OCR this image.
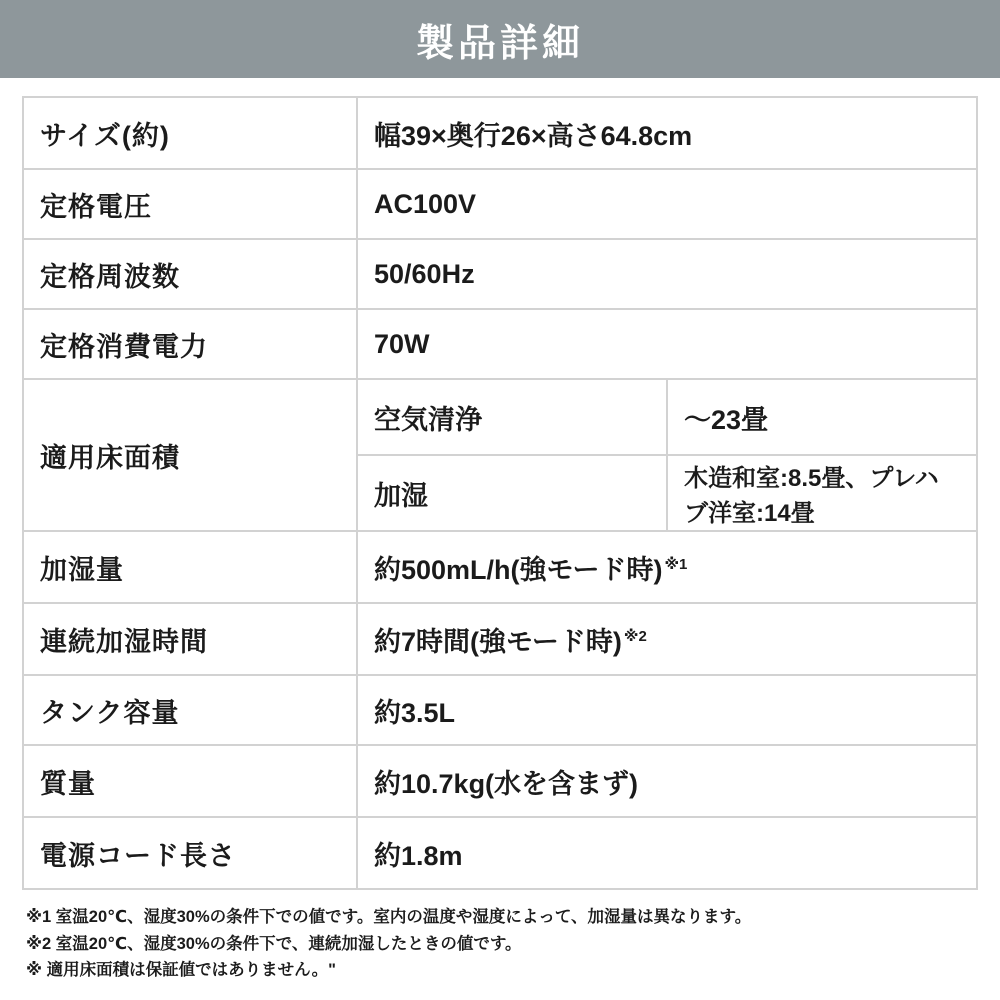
製品詳細
サイズ(約)	幅39×奥行26×高さ64.8cm	
定格電圧	AC100V	
定格周波数	50/60Hz	
定格消費電力	70W	
適用床面積	空気清浄	〜23畳
	加湿	木造和室:8.5畳、プレハブ洋室:14畳
加湿量	約500mL/h(強モード時) $^{※1}$
連続加湿時間	約7時間(強モード時) $^{※2}$
タンク容量	約3.5L	
質量	約10.7kg(水を含まず)	
電源コード長さ	約1.8m	
※1 室温20℃、湿度30%の条件下での値です。室内の温度や湿度によって、加湿量は異なります。
※2 室温20℃、湿度30%の条件下で、連続加湿したときの値です。
※ 適用床面積は保証値ではありません。"
